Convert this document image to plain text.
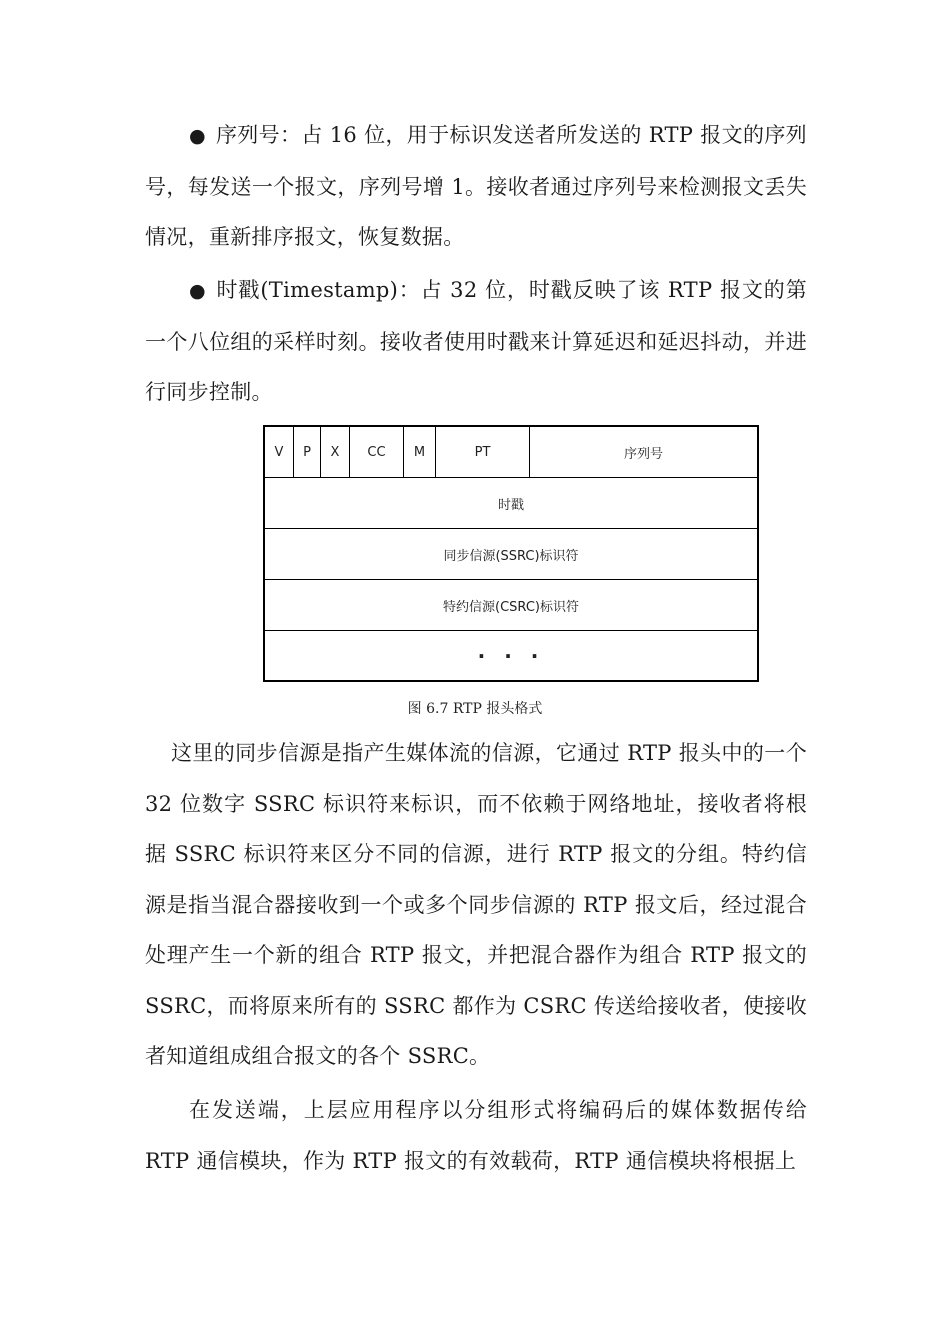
● 序列号：占 16 位，用于标识发送者所发送的 RTP 报文的序列号，每发送一个报文，序列号增 1。接收者通过序列号来检测报文丢失情况，重新排序报文，恢复数据。

● 时戳(Timestamp)：占 32 位，时戳反映了该 RTP 报文的第一个八位组的采样时刻。接收者使用时戳来计算延迟和延迟抖动，并进行同步控制。

V	P	X	CC	M	PT	序列号
时戳
同步信源(SSRC)标识符
特约信源(CSRC)标识符
· · ·
图 6.7 RTP 报头格式

这里的同步信源是指产生媒体流的信源，它通过 RTP 报头中的一个 32 位数字 SSRC 标识符来标识，而不依赖于网络地址，接收者将根据 SSRC 标识符来区分不同的信源，进行 RTP 报文的分组。特约信源是指当混合器接收到一个或多个同步信源的 RTP 报文后，经过混合处理产生一个新的组合 RTP 报文，并把混合器作为组合 RTP 报文的 SSRC，而将原来所有的 SSRC 都作为 CSRC 传送给接收者，使接收者知道组成组合报文的各个 SSRC。

在发送端，上层应用程序以分组形式将编码后的媒体数据传给 RTP 通信模块，作为 RTP 报文的有效载荷，RTP 通信模块将根据上
